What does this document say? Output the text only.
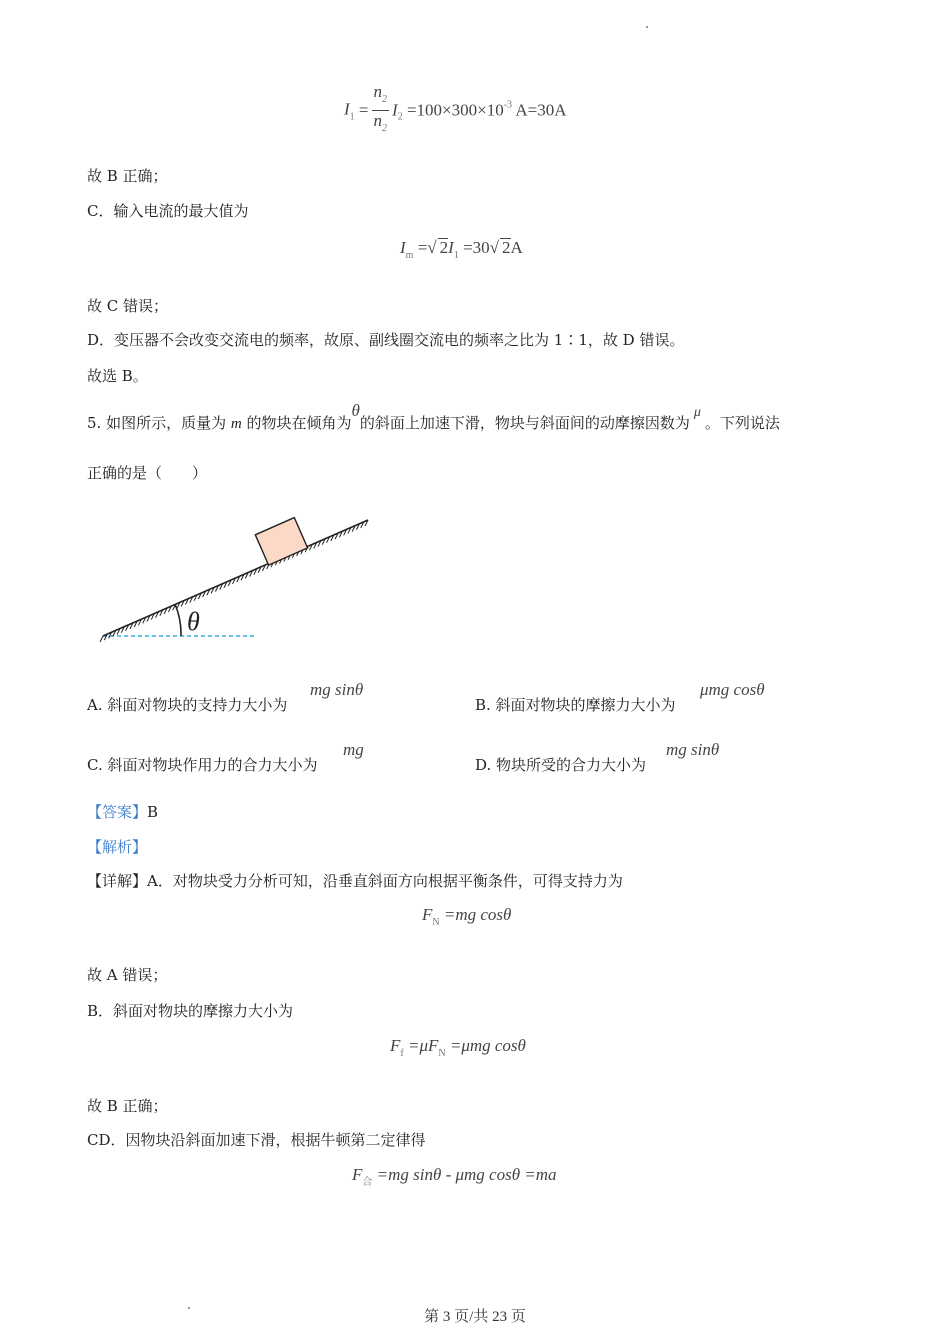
$I_1 = \frac{n_2}{n_2} I_2 =100\times 300\times 10^{-3}$ A=30A
故 B 正确；
C．输入电流的最大值为
$I_m$ =√ $2I_1 =30√$ 2A
故 C 错误；
D．变压器不会改变交流电的频率，故原、副线圈交流电的频率之比为 1∶1，故 D 错误。
故选 B。
5. 如图所示，质量为 m 的物块在倾角为θ的斜面上加速下滑，物块与斜面间的动摩擦因数为μ。下列说法
正确的是（　　）
θ
A. 斜面对物块的支持力大小为
mg sinθ
B. 斜面对物块的摩擦力大小为
μmg cosθ
C. 斜面对物块作用力的合力大小为
mg
D. 物块所受的合力大小为
mg sinθ
【答案】B
【解析】
【详解】A．对物块受力分析可知，沿垂直斜面方向根据平衡条件，可得支持力为
$F_N =mg$ cosθ
故 A 错误；
B．斜面对物块的摩擦力大小为
$F_f =\mu F_N =\mu mg$ cosθ
故 B 正确；
CD．因物块沿斜面加速下滑，根据牛顿第二定律得
$F_合 =mg$ sinθ - μmg cosθ =ma
第 3 页/共 23 页
